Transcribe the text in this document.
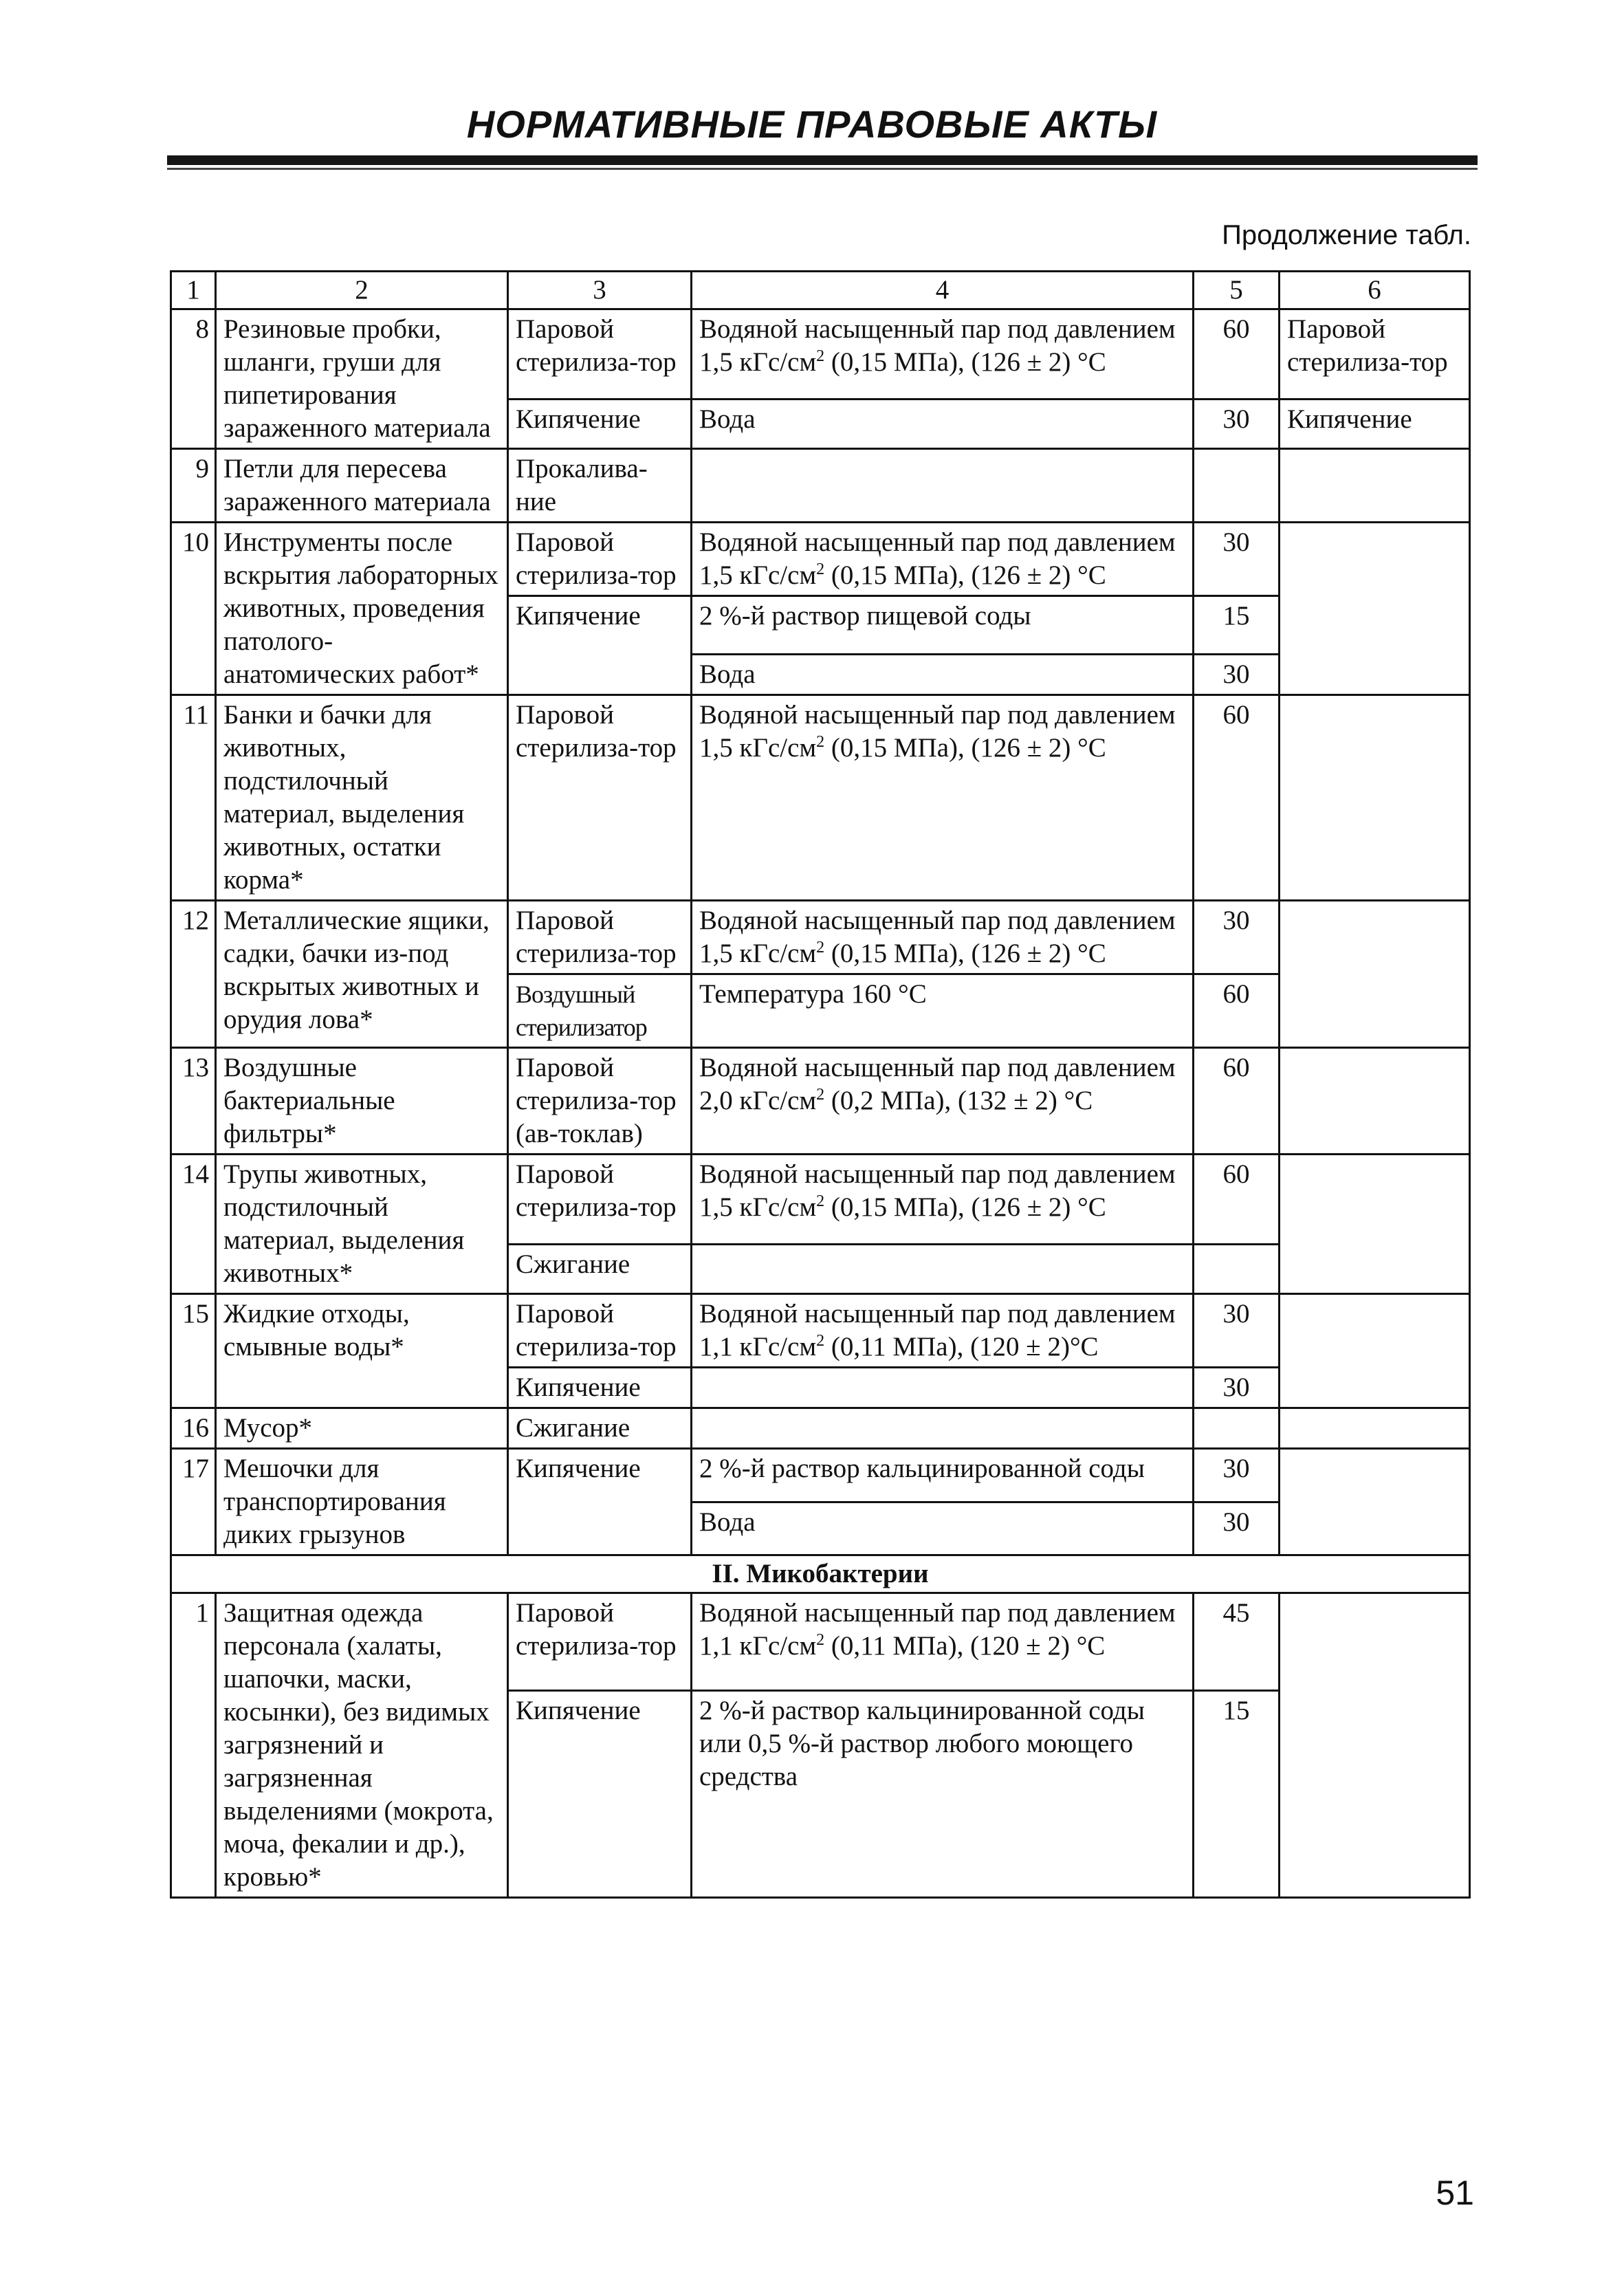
НОРМАТИВНЫЕ ПРАВОВЫЕ АКТЫ
Продолжение табл.
1	2	3	4	5	6
8	Резиновые пробки, шланги, груши для пипетирования зараженного материала	Паровой стерилиза-тор	Водяной насыщенный пар под давлением 1,5 кГс/$см^2$ (0,15 МПа), (126 ± 2) °С	60	Паровой стерилиза-тор
		Кипячение	Вода	30	Кипячение
9	Петли для пересева зараженного материала	Прокалива-ние			
10	Инструменты после вскрытия лабораторных животных, проведения патолого-анатомических работ*	Паровой стерилиза-тор	Водяной насыщенный пар под давлением 1,5 кГс/$см^2$ (0,15 МПа), (126 ± 2) °С	30	
		Кипячение	2 %-й раствор пищевой соды	15	
			Вода	30	
11	Банки и бачки для животных, подстилочный материал, выделения животных, остатки корма*	Паровой стерилиза-тор	Водяной насыщенный пар под давлением 1,5 кГс/$см^2$ (0,15 МПа), (126 ± 2) °С	60	
12	Металлические ящики, садки, бачки из-под вскрытых животных и орудия лова*	Паровой стерилиза-тор	Водяной насыщенный пар под давлением 1,5 кГс/$см^2$ (0,15 МПа), (126 ± 2) °С	30	
		Воздушный стерилизатор	Температура 160 °С	60	
13	Воздушные бактериальные фильтры*	Паровой стерилиза-тор (ав-токлав)	Водяной насыщенный пар под давлением 2,0 кГс/$см^2$ (0,2 МПа), (132 ± 2) °С	60	
14	Трупы животных, подстилочный материал, выделения животных*	Паровой стерилиза-тор	Водяной насыщенный пар под давлением 1,5 кГс/$см^2$ (0,15 МПа), (126 ± 2) °С	60	
		Сжигание			
15	Жидкие отходы, смывные воды*	Паровой стерилиза-тор	Водяной насыщенный пар под давлением 1,1 кГс/$см^2$ (0,11 МПа), (120 ± 2)°С	30	
		Кипячение		30	
16	Мусор*	Сжигание			
17	Мешочки для транспортирования диких грызунов	Кипячение	2 %-й раствор кальцинированной соды	30	
			Вода	30	
II. Микобактерии					
1	Защитная одежда персонала (халаты, шапочки, маски, косынки), без видимых загрязнений и загрязненная выделениями (мокрота, моча, фекалии и др.), кровью*	Паровой стерилиза-тор	Водяной насыщенный пар под давлением 1,1 кГс/$см^2$ (0,11 МПа), (120 ± 2) °С	45	
		Кипячение	2 %-й раствор кальцинированной соды или 0,5 %-й раствор любого моющего средства	15	
51
